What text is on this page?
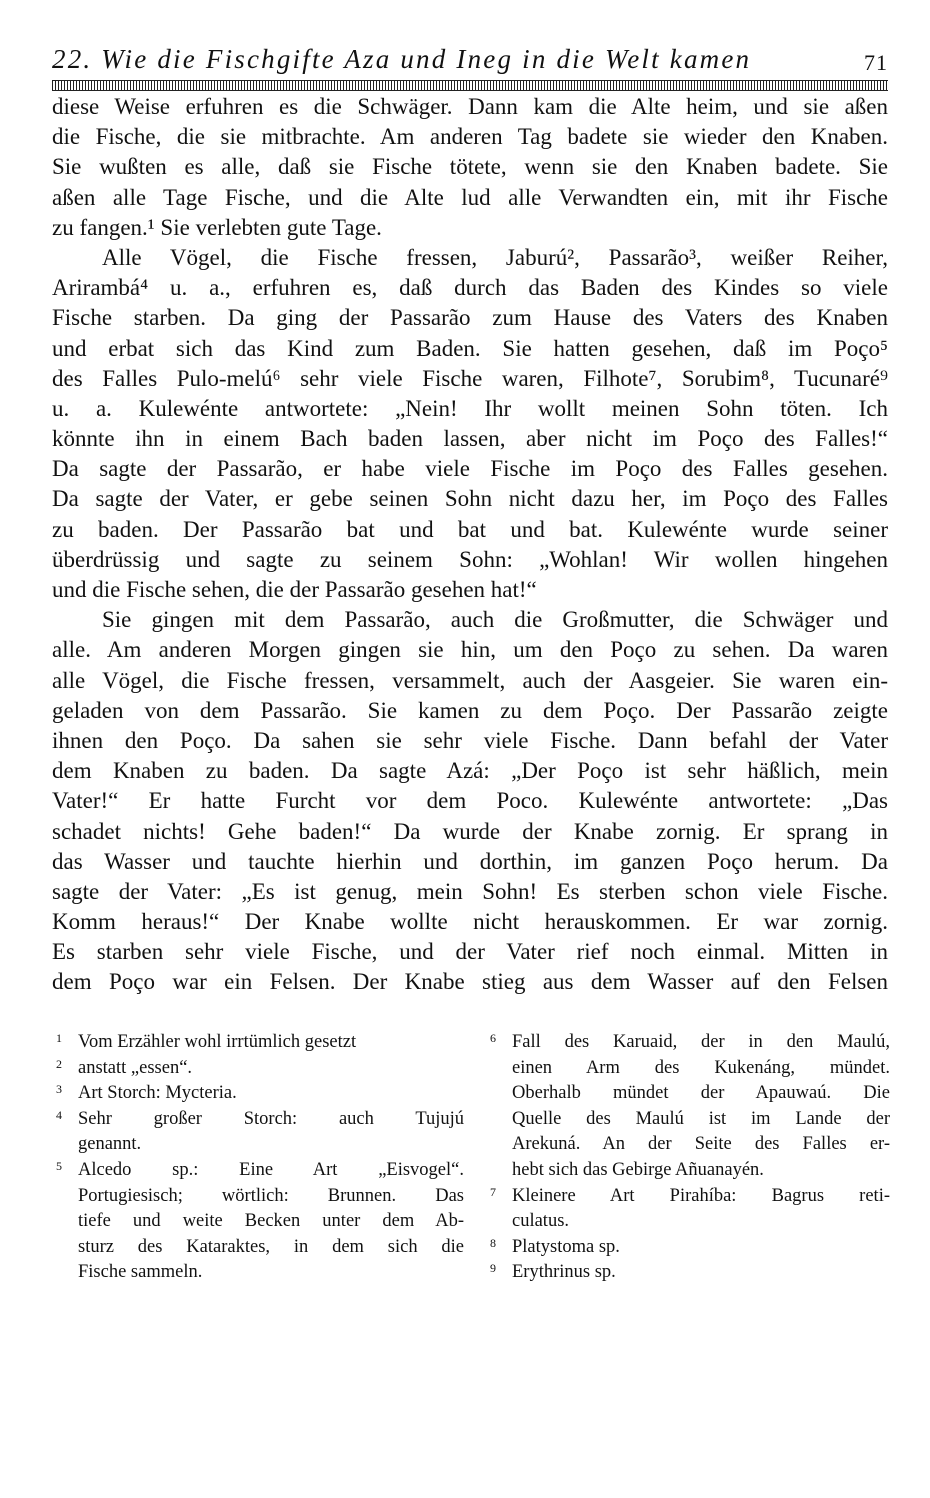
22. Wie die Fischgifte Aza und Ineg in die Welt kamen	71
diese Weise erfuhren es die Schwäger. Dann kam die Alte heim, und sie aßen
die Fische, die sie mitbrachte. Am anderen Tag badete sie wieder den Knaben.
Sie wußten es alle, daß sie Fische tötete, wenn sie den Knaben badete. Sie
aßen alle Tage Fische, und die Alte lud alle Verwandten ein, mit ihr Fische
zu fangen.¹ Sie verlebten gute Tage.
Alle Vögel, die Fische fressen, Jaburú², Passarão³, weißer Reiher,
Arirambá⁴ u. a., erfuhren es, daß durch das Baden des Kindes so viele
Fische starben. Da ging der Passarão zum Hause des Vaters des Knaben
und erbat sich das Kind zum Baden. Sie hatten gesehen, daß im Poço⁵
des Falles Pulo-melú⁶ sehr viele Fische waren, Filhote⁷, Sorubim⁸, Tucunaré⁹
u. a. Kulewénte antwortete: „Nein! Ihr wollt meinen Sohn töten. Ich
könnte ihn in einem Bach baden lassen, aber nicht im Poço des Falles!“
Da sagte der Passarão, er habe viele Fische im Poço des Falles gesehen.
Da sagte der Vater, er gebe seinen Sohn nicht dazu her, im Poço des Falles
zu baden. Der Passarão bat und bat und bat. Kulewénte wurde seiner
überdrüssig und sagte zu seinem Sohn: „Wohlan! Wir wollen hingehen
und die Fische sehen, die der Passarão gesehen hat!“
Sie gingen mit dem Passarão, auch die Großmutter, die Schwäger und
alle. Am anderen Morgen gingen sie hin, um den Poço zu sehen. Da waren
alle Vögel, die Fische fressen, versammelt, auch der Aasgeier. Sie waren ein-
geladen von dem Passarão. Sie kamen zu dem Poço. Der Passarão zeigte
ihnen den Poço. Da sahen sie sehr viele Fische. Dann befahl der Vater
dem Knaben zu baden. Da sagte Azá: „Der Poço ist sehr häßlich, mein
Vater!“ Er hatte Furcht vor dem Poco. Kulewénte antwortete: „Das
schadet nichts! Gehe baden!“ Da wurde der Knabe zornig. Er sprang in
das Wasser und tauchte hierhin und dorthin, im ganzen Poço herum. Da
sagte der Vater: „Es ist genug, mein Sohn! Es sterben schon viele Fische.
Komm heraus!“ Der Knabe wollte nicht herauskommen. Er war zornig.
Es starben sehr viele Fische, und der Vater rief noch einmal. Mitten in
dem Poço war ein Felsen. Der Knabe stieg aus dem Wasser auf den Felsen
1 Vom Erzähler wohl irrtümlich gesetzt
2 anstatt „essen“.
3 Art Storch: Mycteria.
4 Sehr großer Storch: auch Tujujú
genannt.
5 Alcedo sp.: Eine Art „Eisvogel“.
Portugiesisch; wörtlich: Brunnen. Das
tiefe und weite Becken unter dem Ab-
sturz des Kataraktes, in dem sich die
Fische sammeln.
6 Fall des Karuaid, der in den Maulú,
einen Arm des Kukenáng, mündet.
Oberhalb mündet der Apauwaú. Die
Quelle des Maulú ist im Lande der
Arekuná. An der Seite des Falles er-
hebt sich das Gebirge Añuanayén.
7 Kleinere Art Pirahíba: Bagrus reti-
culatus.
8 Platystoma sp.
9 Erythrinus sp.
